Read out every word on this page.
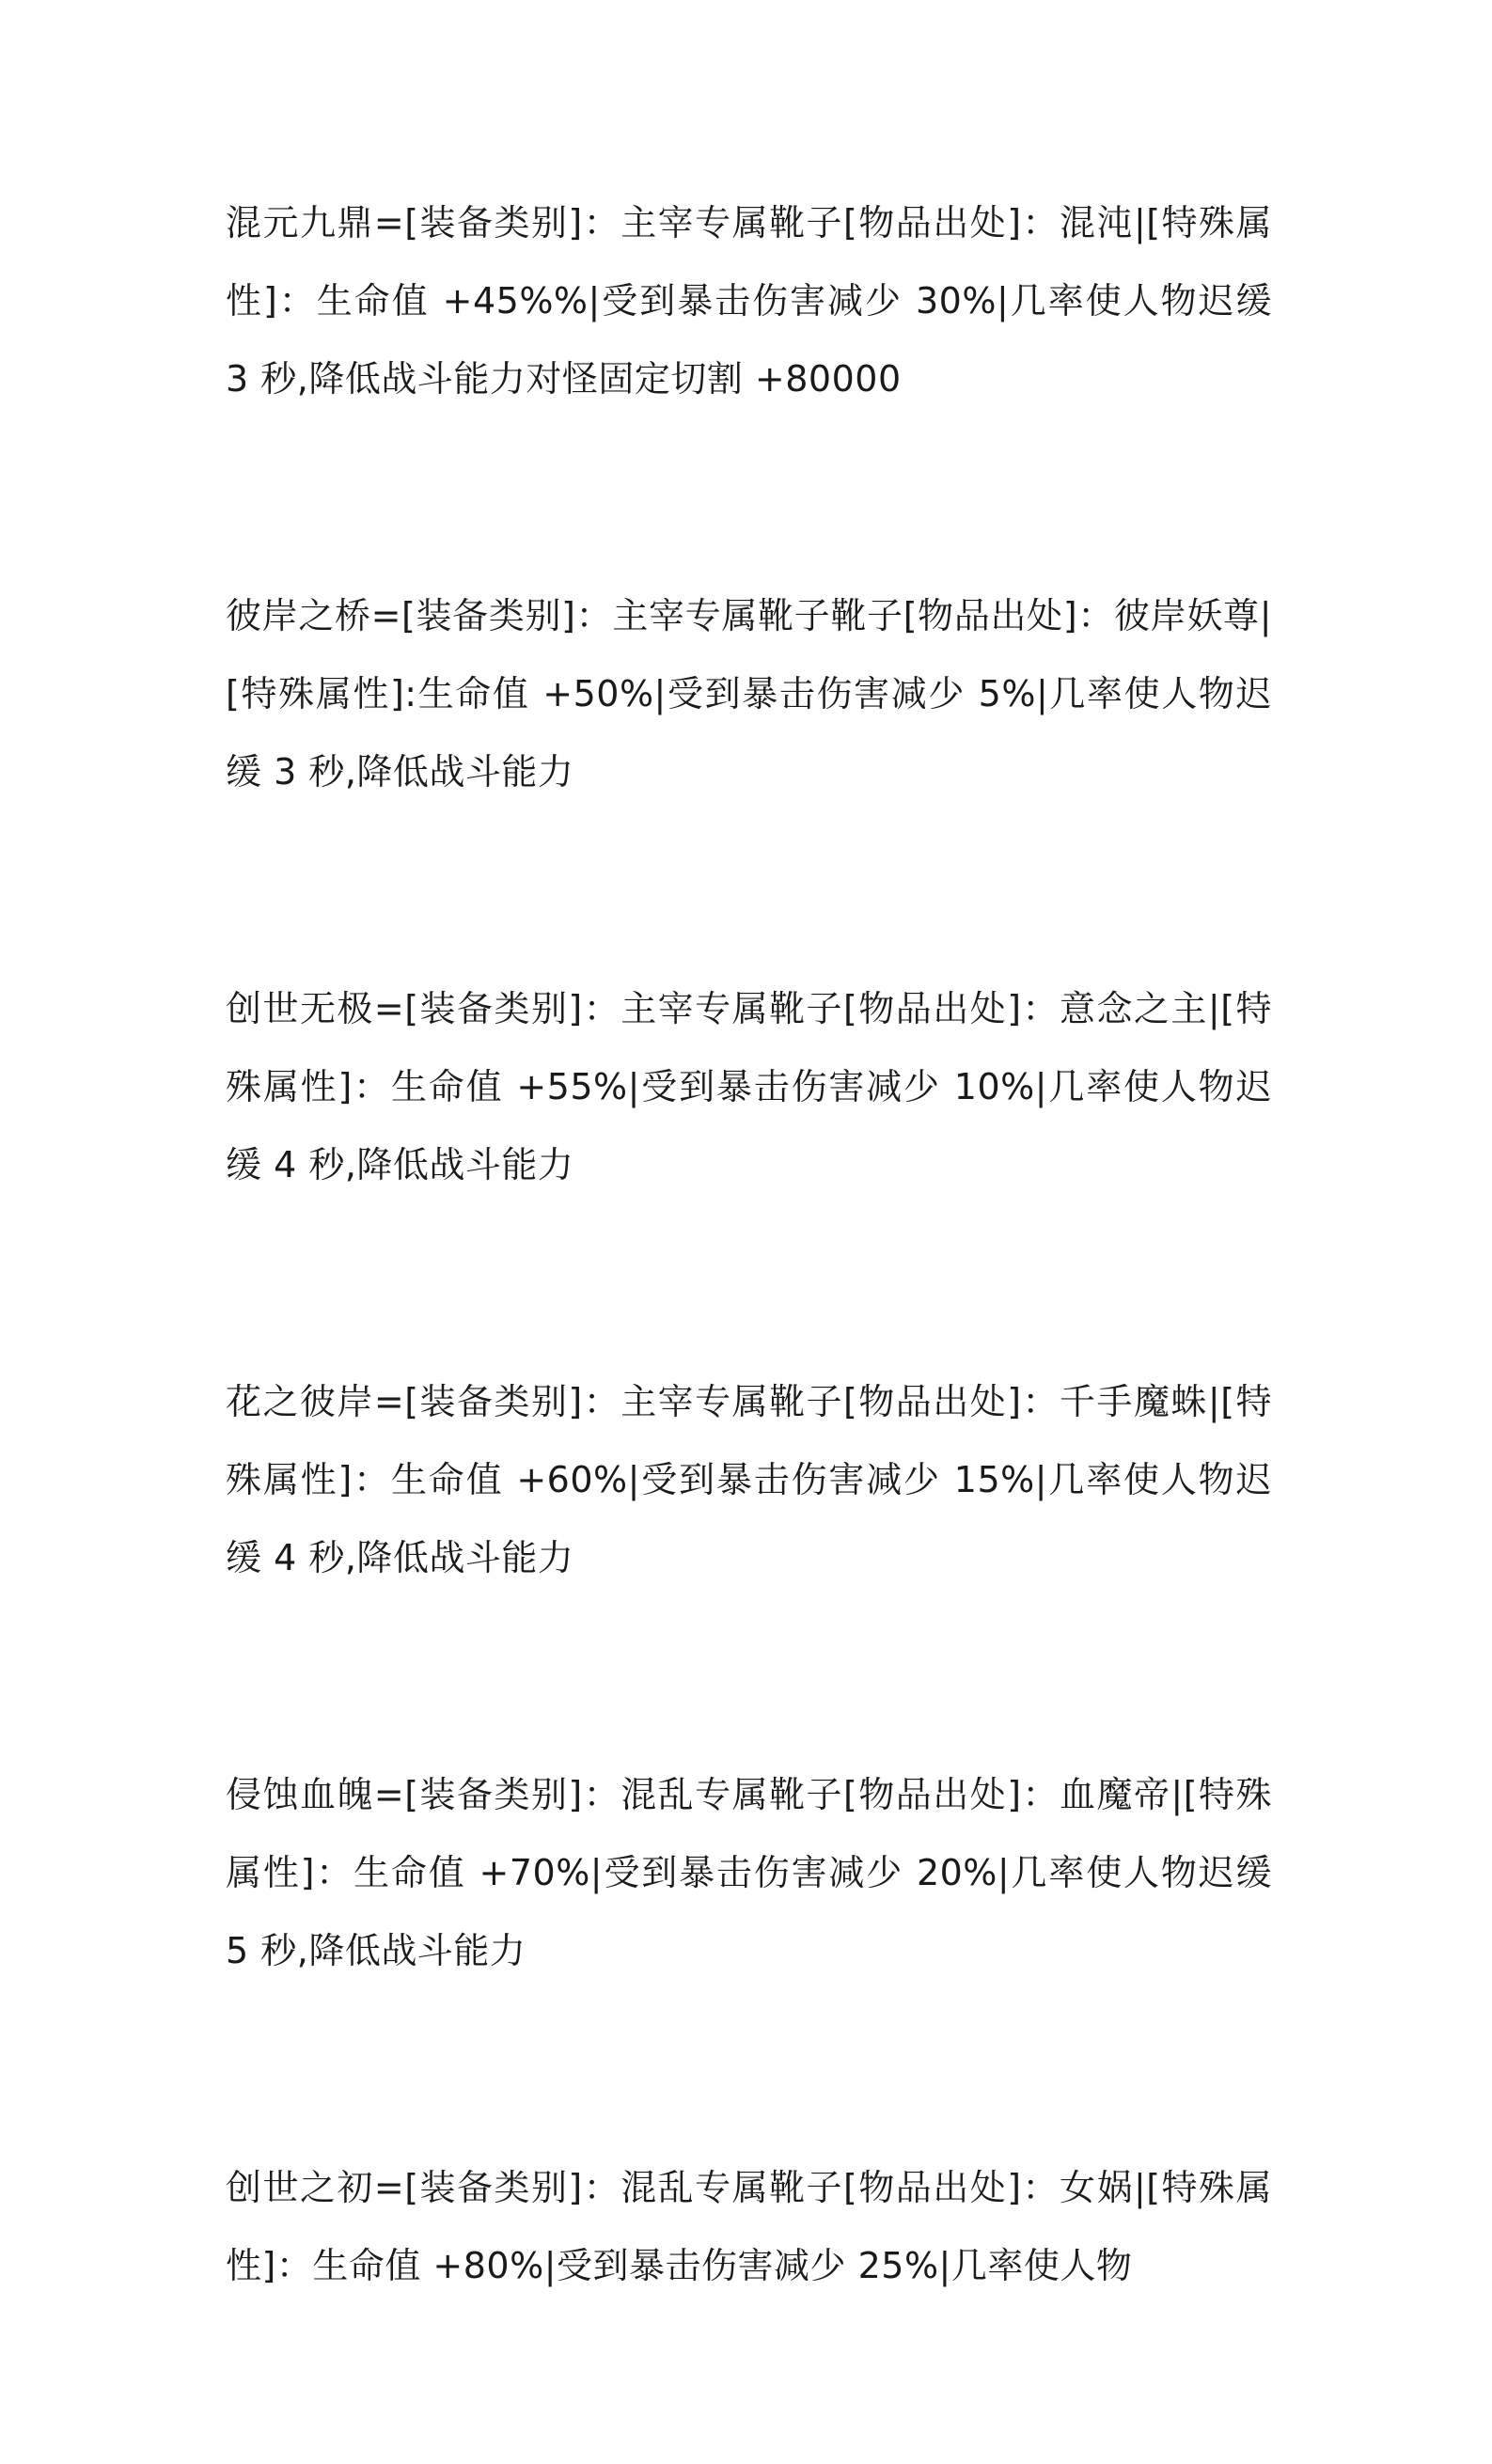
混元九鼎=[装备类别]：主宰专属靴子[物品出处]：混沌|[特殊属性]：生命值 +45%%|受到暴击伤害减少 30%|几率使人物迟缓 3 秒,降低战斗能力对怪固定切割 +80000

彼岸之桥=[装备类别]：主宰专属靴子靴子[物品出处]：彼岸妖尊|[特殊属性]:生命值 +50%|受到暴击伤害减少 5%|几率使人物迟缓 3 秒,降低战斗能力

创世无极=[装备类别]：主宰专属靴子[物品出处]：意念之主|[特殊属性]：生命值 +55%|受到暴击伤害减少 10%|几率使人物迟缓 4 秒,降低战斗能力

花之彼岸=[装备类别]：主宰专属靴子[物品出处]：千手魔蛛|[特殊属性]：生命值 +60%|受到暴击伤害减少 15%|几率使人物迟缓 4 秒,降低战斗能力

侵蚀血魄=[装备类别]：混乱专属靴子[物品出处]：血魔帝|[特殊属性]：生命值 +70%|受到暴击伤害减少 20%|几率使人物迟缓 5 秒,降低战斗能力

创世之初=[装备类别]：混乱专属靴子[物品出处]：女娲|[特殊属性]：生命值 +80%|受到暴击伤害减少 25%|几率使人物
